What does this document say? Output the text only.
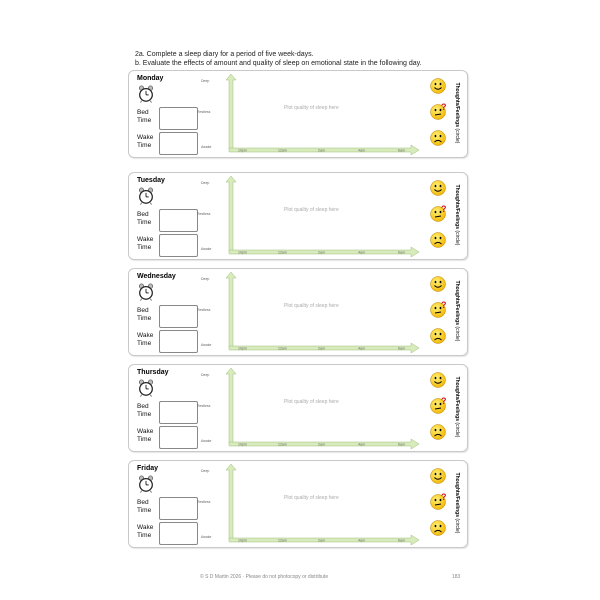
2a. Complete a sleep diary for a period of five week-days.
b. Evaluate the effects of amount and quality of sleep on emotional state in the following day.
Monday
Bed
Time
Wake
Time
Deep
Restless
Awake
Plot quality of sleep here	? Thoughts/Feelings (circle)
10pm	12am	2am	4am	6am
Tuesday
Bed
Time
Wake
Time
Deep
Restless
Awake
Plot quality of sleep here	? Thoughts/Feelings (circle)
10pm	12am	2am	4am	6am
Wednesday
Bed
Time
Wake
Time
Deep
Restless
Awake
Plot quality of sleep here	? Thoughts/Feelings (circle)
10pm	12am	2am	4am	6am
Thursday
Bed
Time
Wake
Time
Deep
Restless
Awake
Plot quality of sleep here	? Thoughts/Feelings (circle)
10pm	12am	2am	4am	6am
Friday
Bed
Time
Wake
Time
Deep
Restless
Awake
Plot quality of sleep here	? Thoughts/Feelings (circle)
10pm	12am	2am	4am	6am
© S D Martin 2026 · Please do not photocopy or distribute	183
